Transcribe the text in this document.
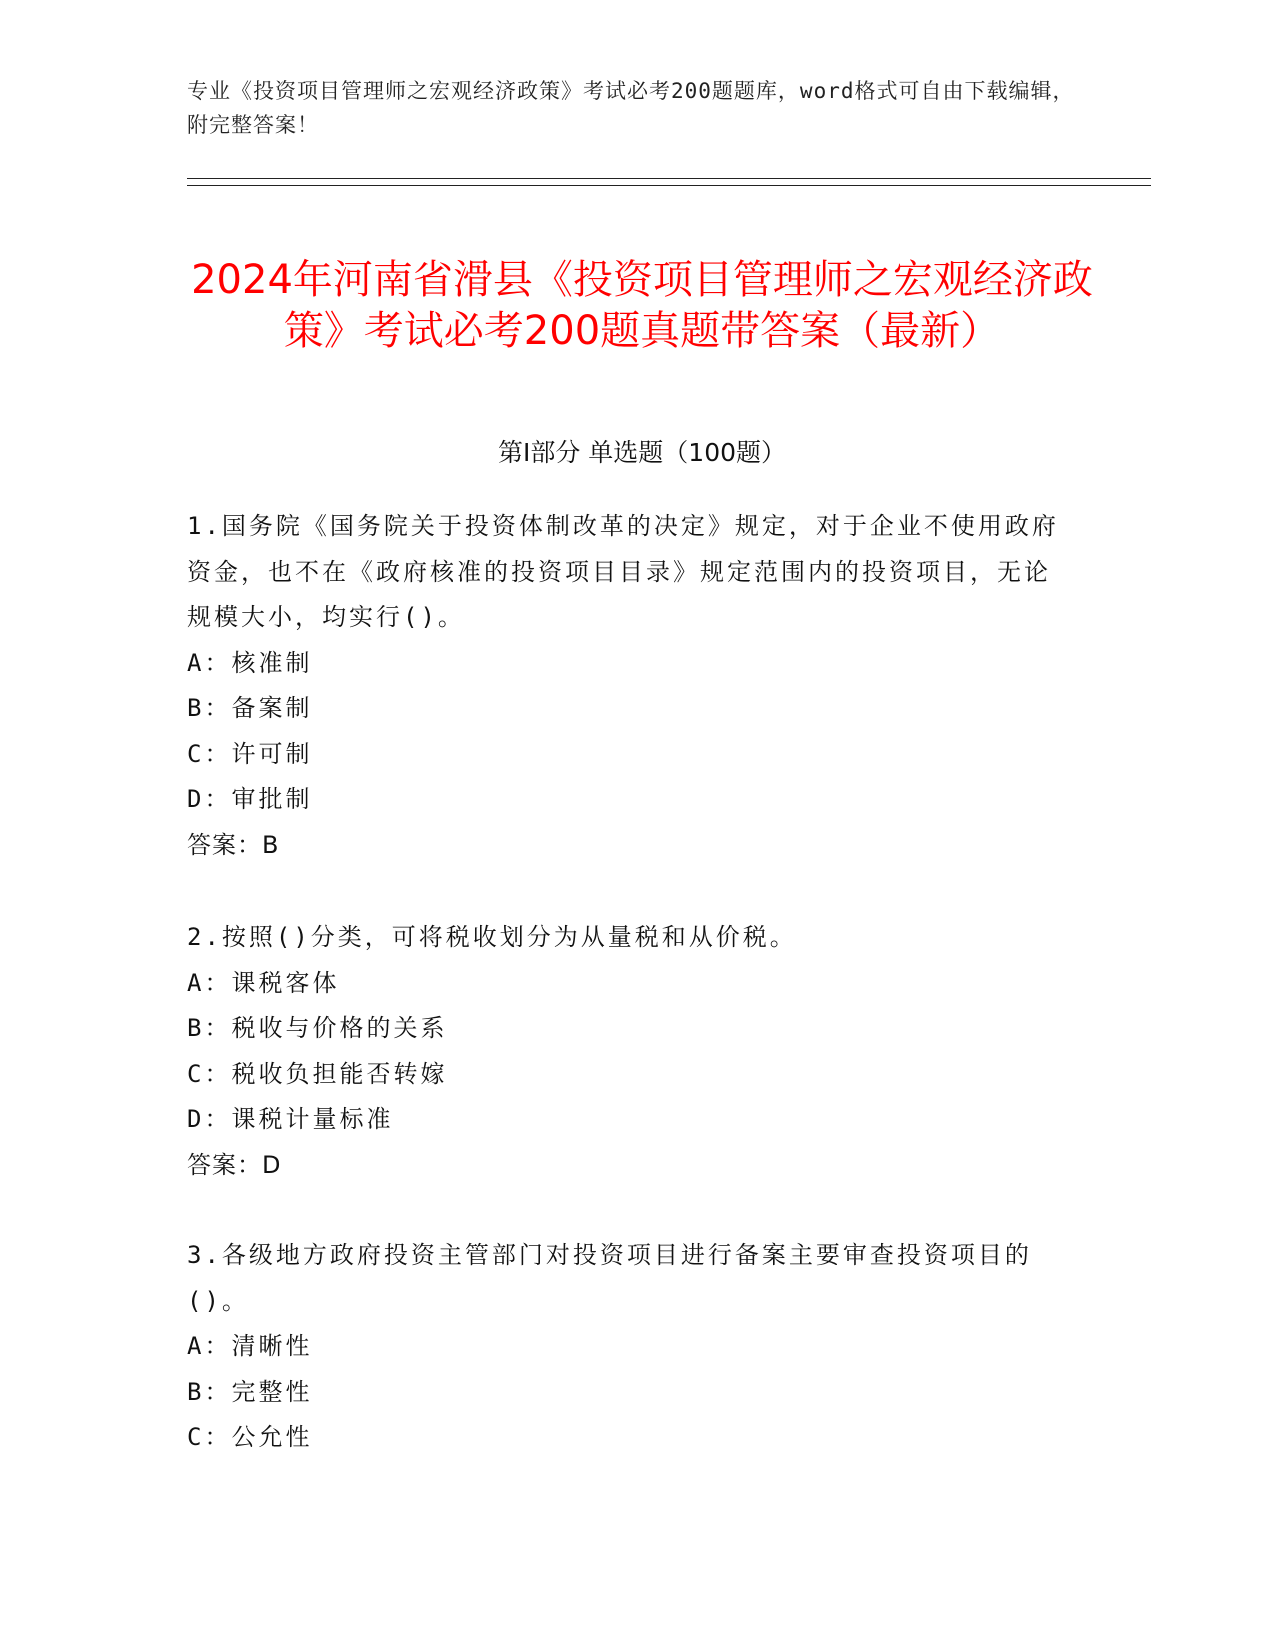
专业《投资项目管理师之宏观经济政策》考试必考200题题库，word格式可自由下载编辑，附完整答案！
2024年河南省滑县《投资项目管理师之宏观经济政策》考试必考200题真题带答案（最新）
第I部分 单选题（100题）

1.国务院《国务院关于投资体制改革的决定》规定，对于企业不使用政府资金，也不在《政府核准的投资项目目录》规定范围内的投资项目，无论规模大小，均实行()。

A：核准制

B：备案制

C：许可制

D：审批制

答案：B

2.按照()分类，可将税收划分为从量税和从价税。

A：课税客体

B：税收与价格的关系

C：税收负担能否转嫁

D：课税计量标准

答案：D

3.各级地方政府投资主管部门对投资项目进行备案主要审查投资项目的()。

A：清晰性

B：完整性

C：公允性
